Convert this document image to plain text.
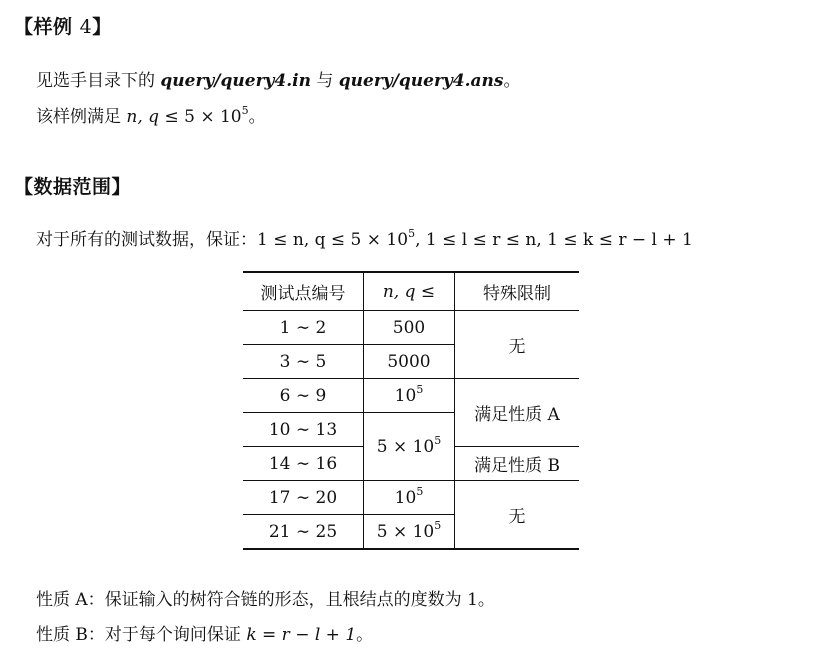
【样例 4】
见选手目录下的 query/query4.in 与 query/query4.ans。
该样例满足 n, $q \le 5 \times 10^5$。
【数据范围】
对于所有的测试数据，保证：1 ≤ n, $q \le 5 \times 10^5$, 1 ≤ l ≤ r ≤ n, 1 ≤ k ≤ r − l + 1
测试点编号	n, q ≤	特殊限制
1 ∼ 2	500	无
3 ∼ 5	5000	
6 ∼ 9	$10^5$	满足性质 A
10 ∼ 13	$5 \times 10^5$
14 ∼ 16		满足性质 B
17 ∼ 20	$10^5$	无
21 ∼ 25	$5 \times 10^5$
性质 A：保证输入的树符合链的形态，且根结点的度数为 1。
性质 B：对于每个询问保证 k = r − l + 1。
